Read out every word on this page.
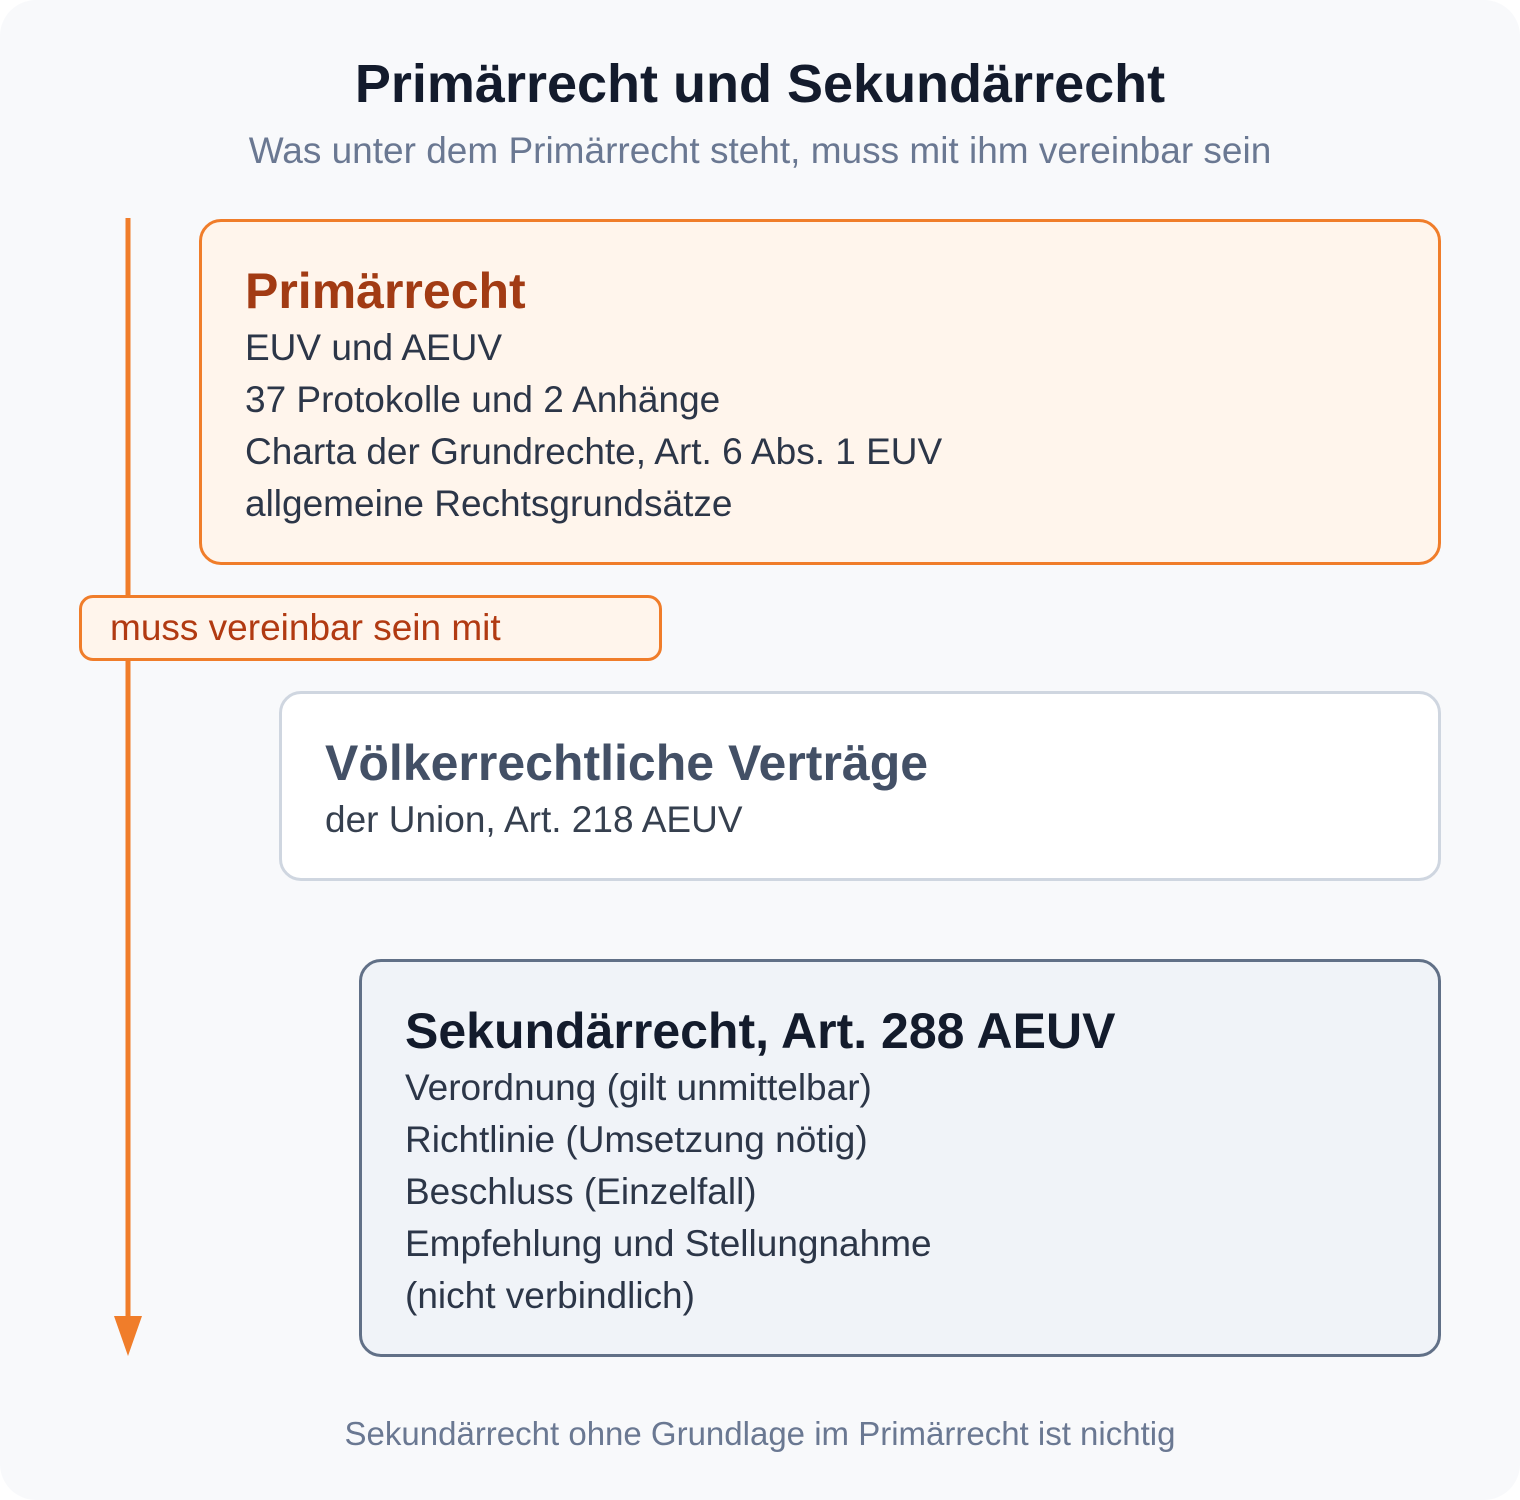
Primärrecht und Sekundärrecht
Was unter dem Primärrecht steht, muss mit ihm vereinbar sein
Primärrecht
EUV und AEUV
37 Protokolle und 2 Anhänge
Charta der Grundrechte, Art. 6 Abs. 1 EUV
allgemeine Rechtsgrundsätze
muss vereinbar sein mit
Völkerrechtliche Verträge
der Union, Art. 218 AEUV
Sekundärrecht, Art. 288 AEUV
Verordnung (gilt unmittelbar)
Richtlinie (Umsetzung nötig)
Beschluss (Einzelfall)
Empfehlung und Stellungnahme
(nicht verbindlich)
Sekundärrecht ohne Grundlage im Primärrecht ist nichtig
